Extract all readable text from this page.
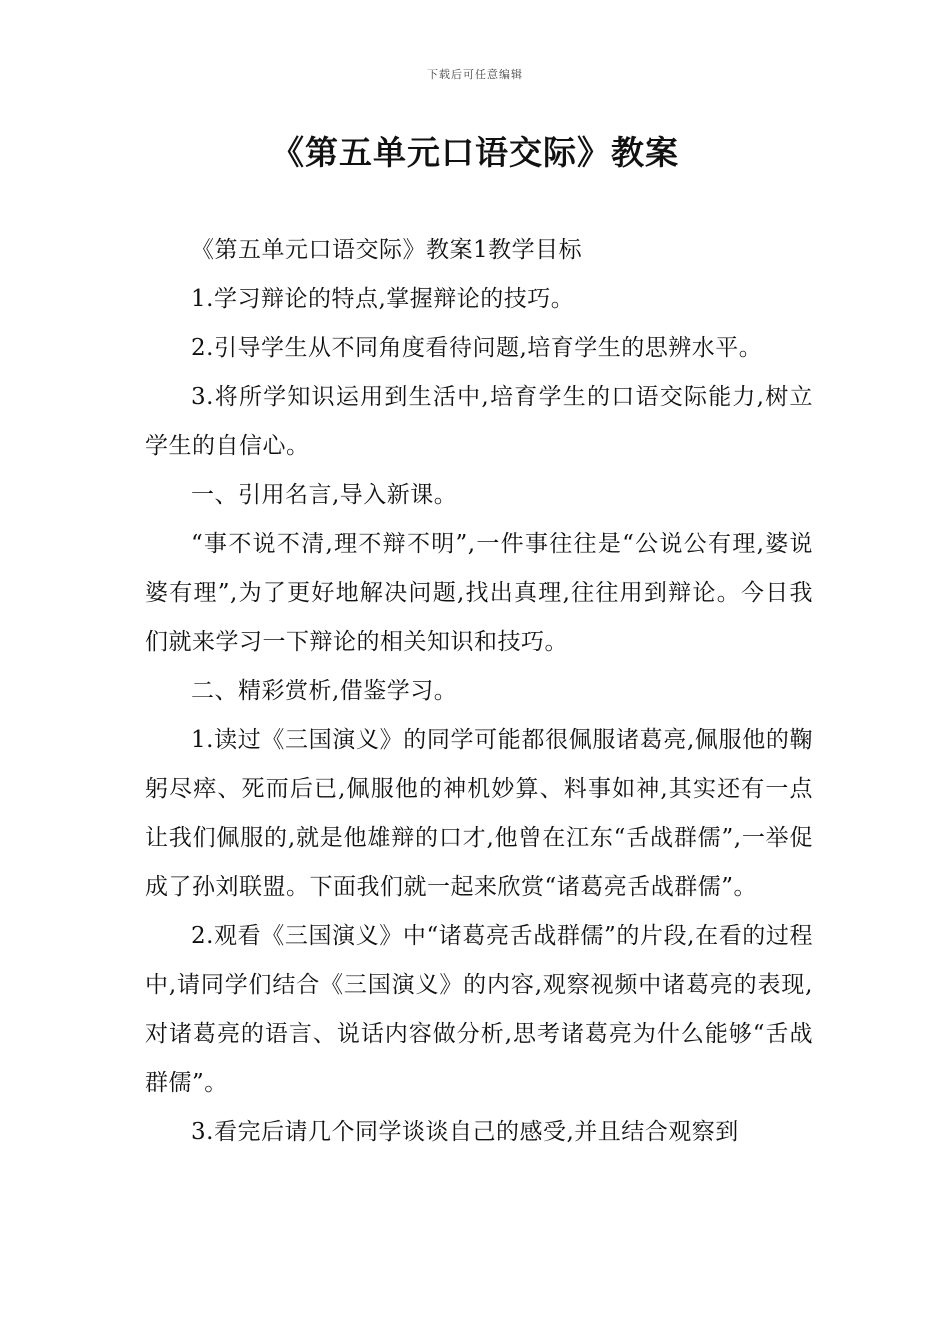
下载后可任意编辑
《第五单元口语交际》教案

《第五单元口语交际》教案1教学目标

1.学习辩论的特点,掌握辩论的技巧。

2.引导学生从不同角度看待问题,培育学生的思辨水平。

3.将所学知识运用到生活中,培育学生的口语交际能力,树立学生的自信心。

一、引用名言,导入新课。

“事不说不清,理不辩不明”,一件事往往是“公说公有理,婆说婆有理”,为了更好地解决问题,找出真理,往往用到辩论。今日我们就来学习一下辩论的相关知识和技巧。

二、精彩赏析,借鉴学习。

1.读过《三国演义》的同学可能都很佩服诸葛亮,佩服他的鞠躬尽瘁、死而后已,佩服他的神机妙算、料事如神,其实还有一点让我们佩服的,就是他雄辩的口才,他曾在江东“舌战群儒”,一举促成了孙刘联盟。下面我们就一起来欣赏“诸葛亮舌战群儒”。

2.观看《三国演义》中“诸葛亮舌战群儒”的片段,在看的过程中,请同学们结合《三国演义》的内容,观察视频中诸葛亮的表现,对诸葛亮的语言、说话内容做分析,思考诸葛亮为什么能够“舌战群儒”。

3.看完后请几个同学谈谈自己的感受,并且结合观察到
